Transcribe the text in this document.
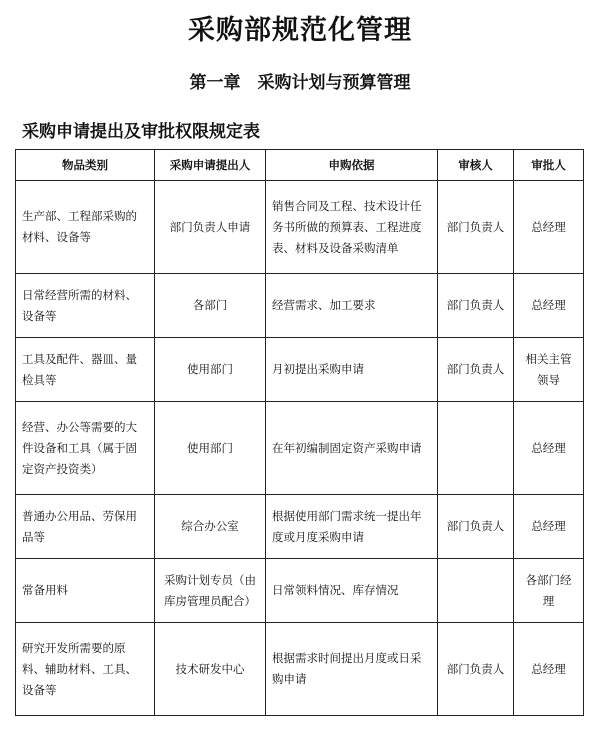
采购部规范化管理
第一章　采购计划与预算管理
采购申请提出及审批权限规定表
物品类别	采购申请提出人	申购依据	审核人	审批人
生产部、工程部采购的材料、设备等	部门负责人申请	销售合同及工程、技术设计任务书所做的预算表、工程进度表、材料及设备采购清单	部门负责人	总经理
日常经营所需的材料、设备等	各部门	经营需求、加工要求	部门负责人	总经理
工具及配件、器皿、量检具等	使用部门	月初提出采购申请	部门负责人	相关主管领导
经营、办公等需要的大件设备和工具（属于固定资产投资类）	使用部门	在年初编制固定资产采购申请		总经理
普通办公用品、劳保用品等	综合办公室	根据使用部门需求统一提出年度或月度采购申请	部门负责人	总经理
常备用料	采购计划专员（由库房管理员配合）	日常领料情况、库存情况		各部门经理
研究开发所需要的原料、辅助材料、工具、设备等	技术研发中心	根据需求时间提出月度或日采购申请	部门负责人	总经理
